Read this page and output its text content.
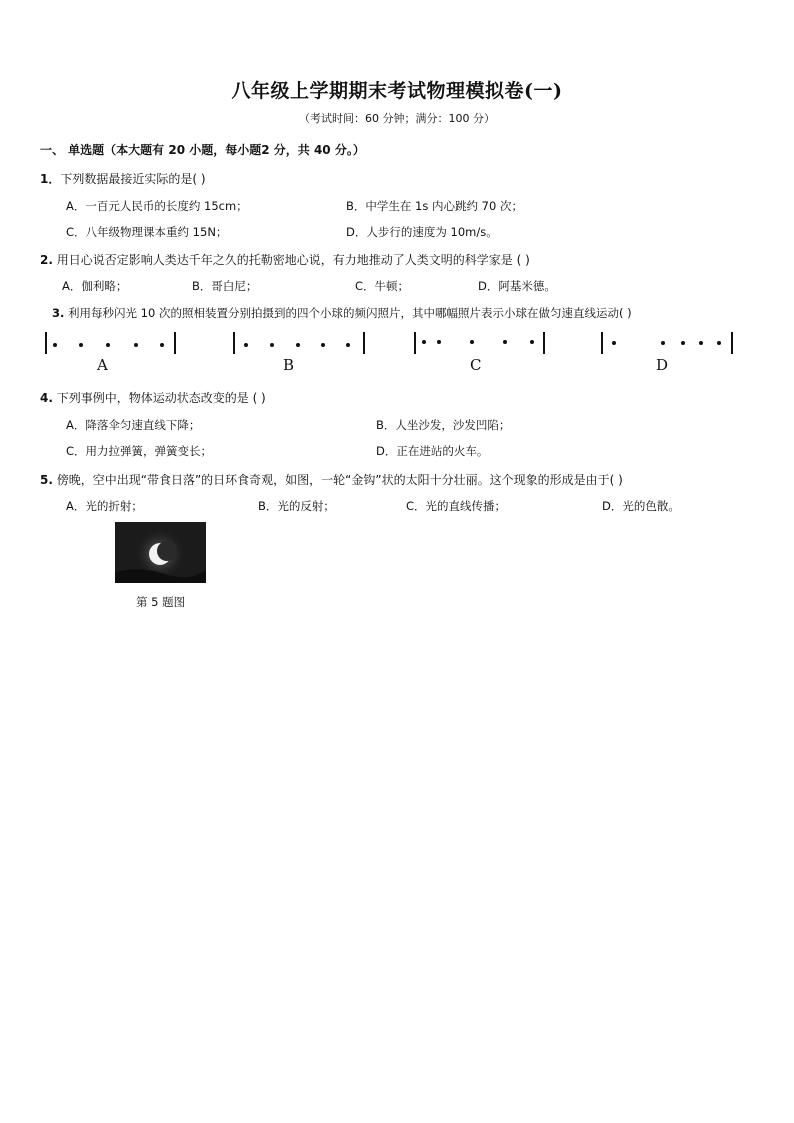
八年级上学期期末考试物理模拟卷(一)
（考试时间：60 分钟；满分：100 分）
一、 单选题（本大题有 20 小题，每小题2 分，共 40 分。）
1．下列数据最接近实际的是( )
A．一百元人民币的长度约 15cm；	B．中学生在 1s 内心跳约 70 次；
C．八年级物理课本重约 15N；	D．人步行的速度为 10m/s。
2. 用日心说否定影响人类达千年之久的托勒密地心说，有力地推动了人类文明的科学家是 ( )
A．伽利略；	B．哥白尼；	C．牛顿；	D．阿基米德。
3. 利用每秒闪光 10 次的照相装置分别拍摄到的四个小球的频闪照片，其中哪幅照片表示小球在做匀速直线运动( )
A	B	C	D
4. 下列事例中，物体运动状态改变的是 ( )
A．降落伞匀速直线下降；	B．人坐沙发，沙发凹陷；
C．用力拉弹簧，弹簧变长；	D．正在进站的火车。
5. 傍晚，空中出现“带食日落”的日环食奇观，如图，一轮“金钩”状的太阳十分壮丽。这个现象的形成是由于( )
A．光的折射；	B．光的反射；	C．光的直线传播；	D．光的色散。
第 5 题图
